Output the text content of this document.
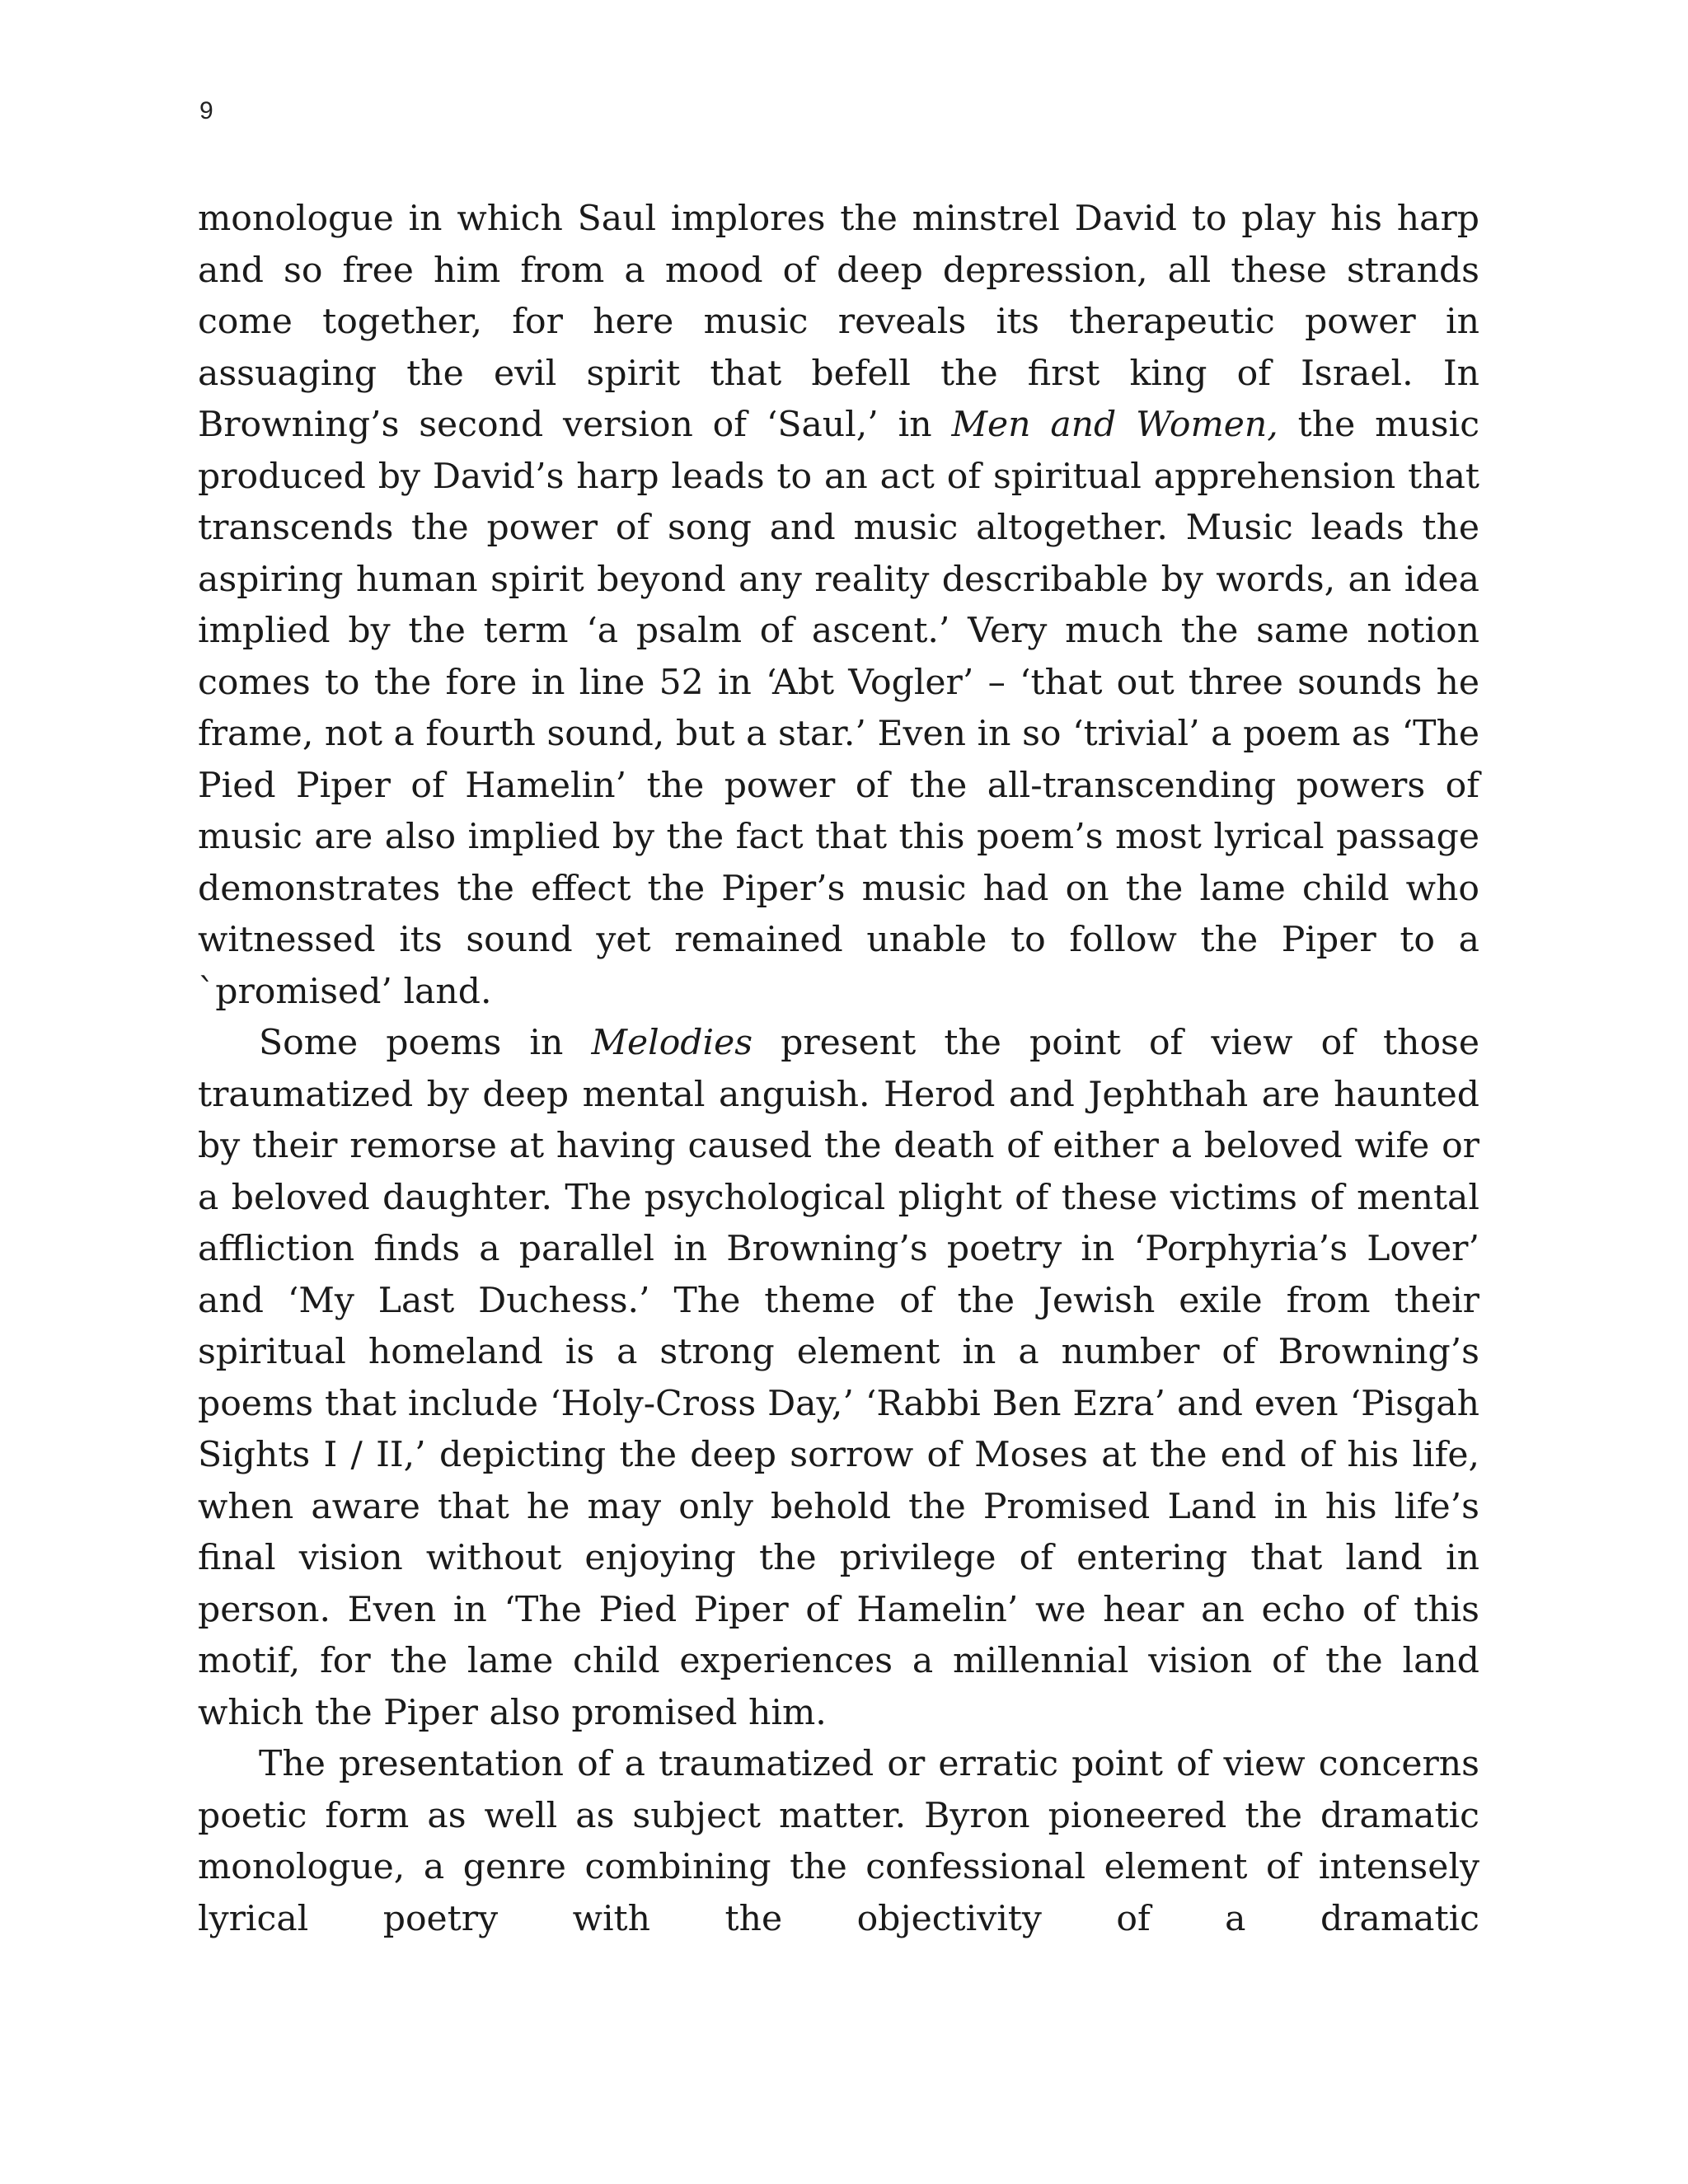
9

monologue in which Saul implores the minstrel David to play his harp and so free him from a mood of deep depression, all these strands come together, for here music reveals its therapeutic power in assuaging the evil spirit that befell the first king of Israel. In Browning’s second version of ‘Saul,’ in Men and Women, the music produced by David’s harp leads to an act of spiritual apprehension that transcends the power of song and music altogether. Music leads the aspiring human spirit beyond any reality describable by words, an idea implied by the term ‘a psalm of ascent.’ Very much the same notion comes to the fore in line 52 in ‘Abt Vogler’ – ‘that out three sounds he frame, not a fourth sound, but a star.’ Even in so ‘trivial’ a poem as ‘The Pied Piper of Hamelin’ the power of the all-transcending powers of music are also implied by the fact that this poem’s most lyrical passage demonstrates the effect the Piper’s music had on the lame child who witnessed its sound yet remained unable to follow the Piper to a `promised’ land.

Some poems in Melodies present the point of view of those traumatized by deep mental anguish. Herod and Jephthah are haunted by their remorse at having caused the death of either a beloved wife or a beloved daughter. The psychological plight of these victims of mental affliction finds a parallel in Browning’s poetry in ‘Porphyria’s Lover’ and ‘My Last Duchess.’ The theme of the Jewish exile from their spiritual homeland is a strong element in a number of Browning’s poems that include ‘Holy-Cross Day,’ ‘Rabbi Ben Ezra’ and even ‘Pisgah Sights I / II,’ depicting the deep sorrow of Moses at the end of his life, when aware that he may only behold the Promised Land in his life’s final vision without enjoying the privilege of entering that land in person. Even in ‘The Pied Piper of Hamelin’ we hear an echo of this motif, for the lame child experiences a millennial vision of the land which the Piper also promised him.

The presentation of a traumatized or erratic point of view concerns poetic form as well as subject matter. Byron pioneered the dramatic monologue, a genre combining the confessional element of intensely lyrical poetry with the objectivity of a dramatic
